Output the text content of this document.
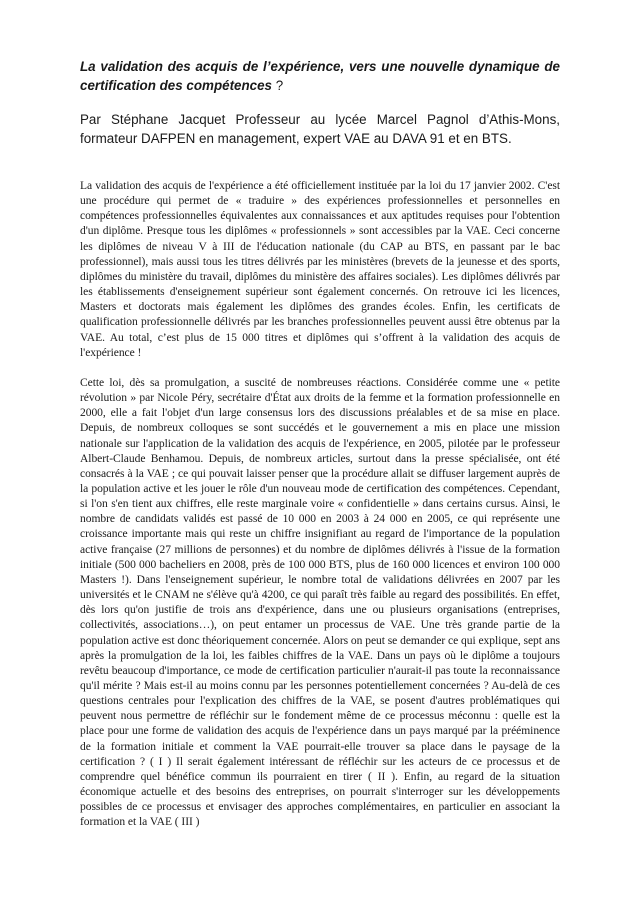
La validation des acquis de l’expérience, vers une nouvelle dynamique de certification des compétences ?

Par Stéphane Jacquet Professeur au lycée Marcel Pagnol d’Athis-Mons, formateur DAFPEN en management, expert VAE au DAVA 91 et en BTS.

La validation des acquis de l'expérience a été officiellement instituée par la loi du 17 janvier 2002. C'est une procédure qui permet de « traduire » des expériences professionnelles et personnelles en compétences professionnelles équivalentes aux connaissances et aux aptitudes requises pour l'obtention d'un diplôme. Presque tous les diplômes « professionnels » sont accessibles par la VAE. Ceci concerne les diplômes de niveau V à III de l'éducation nationale (du CAP au BTS, en passant par le bac professionnel), mais aussi tous les titres délivrés par les ministères (brevets de la jeunesse et des sports, diplômes du ministère du travail, diplômes du ministère des affaires sociales). Les diplômes délivrés par les établissements d'enseignement supérieur sont également concernés. On retrouve ici les licences, Masters et doctorats mais également les diplômes des grandes écoles. Enfin, les certificats de qualification professionnelle délivrés par les branches professionnelles peuvent aussi être obtenus par la VAE. Au total, c’est plus de 15 000 titres et diplômes qui s’offrent à la validation des acquis de l'expérience !

Cette loi, dès sa promulgation, a suscité de nombreuses réactions. Considérée comme une « petite révolution » par Nicole Péry, secrétaire d'État aux droits de la femme et la formation professionnelle en 2000, elle a fait l'objet d'un large consensus lors des discussions préalables et de sa mise en place. Depuis, de nombreux colloques se sont succédés et le gouvernement a mis en place une mission nationale sur l'application de la validation des acquis de l'expérience, en 2005, pilotée par le professeur Albert-Claude Benhamou. Depuis, de nombreux articles, surtout dans la presse spécialisée, ont été consacrés à la VAE ; ce qui pouvait laisser penser que la procédure allait se diffuser largement auprès de la population active et les jouer le rôle d'un nouveau mode de certification des compétences. Cependant, si l'on s'en tient aux chiffres, elle reste marginale voire « confidentielle » dans certains cursus. Ainsi, le nombre de candidats validés est passé de 10 000 en 2003 à 24 000 en 2005, ce qui représente une croissance importante mais qui reste un chiffre insignifiant au regard de l'importance de la population active française (27 millions de personnes) et du nombre de diplômes délivrés à l'issue de la formation initiale (500 000 bacheliers en 2008, près de 100 000 BTS, plus de 160 000 licences et environ 100 000 Masters !). Dans l'enseignement supérieur, le nombre total de validations délivrées en 2007 par les universités et le CNAM ne s'élève qu'à 4200, ce qui paraît très faible au regard des possibilités. En effet, dès lors qu'on justifie de trois ans d'expérience, dans une ou plusieurs organisations (entreprises, collectivités, associations…), on peut entamer un processus de VAE. Une très grande partie de la population active est donc théoriquement concernée. Alors on peut se demander ce qui explique, sept ans après la promulgation de la loi, les faibles chiffres de la VAE. Dans un pays où le diplôme a toujours revêtu beaucoup d'importance, ce mode de certification particulier n'aurait-il pas toute la reconnaissance qu'il mérite ? Mais est-il au moins connu par les personnes potentiellement concernées ? Au-delà de ces questions centrales pour l'explication des chiffres de la VAE, se posent d'autres problématiques qui peuvent nous permettre de réfléchir sur le fondement même de ce processus méconnu : quelle est la place pour une forme de validation des acquis de l'expérience dans un pays marqué par la prééminence de la formation initiale et comment la VAE pourrait-elle trouver sa place dans le paysage de la certification ? ( I ) Il serait également intéressant de réfléchir sur les acteurs de ce processus et de comprendre quel bénéfice commun ils pourraient en tirer ( II ). Enfin, au regard de la situation économique actuelle et des besoins des entreprises, on pourrait s'interroger sur les développements possibles de ce processus et envisager des approches complémentaires, en particulier en associant la formation et la VAE ( III )
